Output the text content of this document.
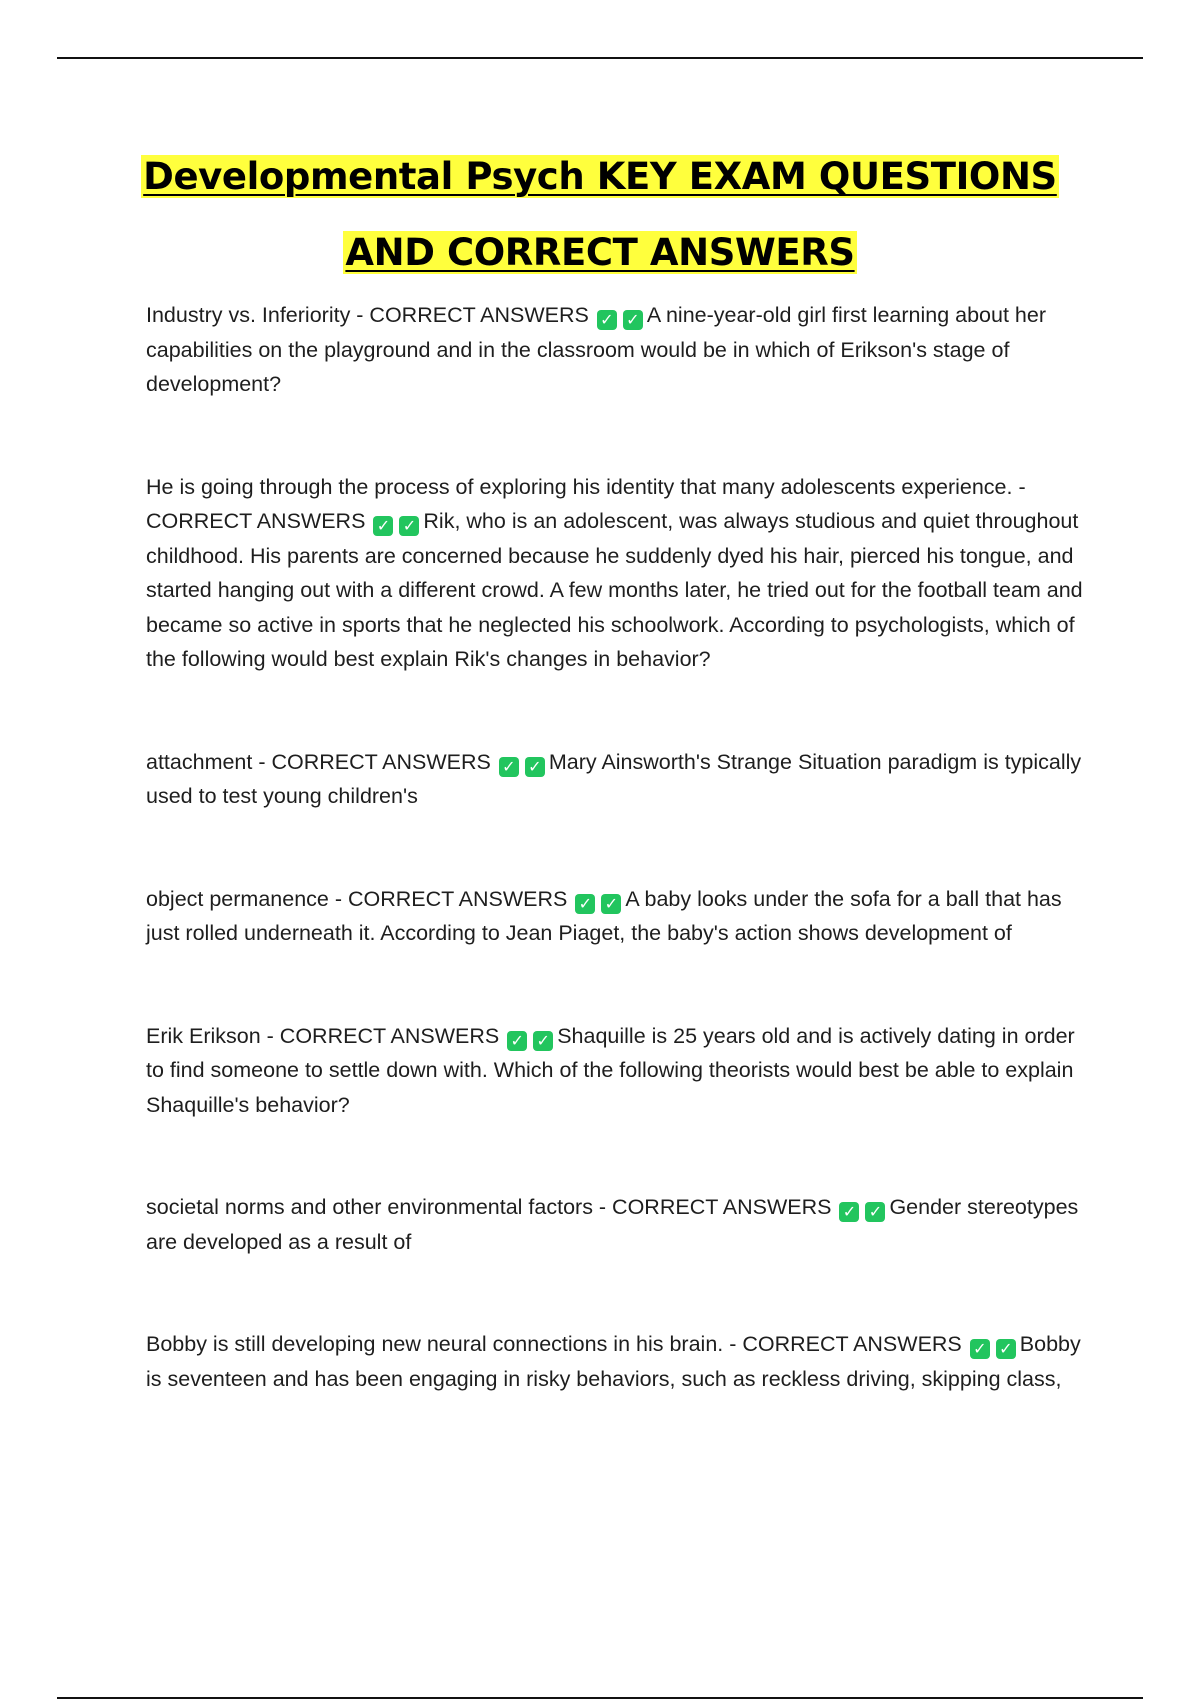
Developmental Psych KEY EXAM QUESTIONS AND CORRECT ANSWERS

Industry vs. Inferiority - CORRECT ANSWERS ✓ ✓ A nine-year-old girl first learning about her capabilities on the playground and in the classroom would be in which of Erikson's stage of development?

He is going through the process of exploring his identity that many adolescents experience. - CORRECT ANSWERS ✓ ✓ Rik, who is an adolescent, was always studious and quiet throughout childhood. His parents are concerned because he suddenly dyed his hair, pierced his tongue, and started hanging out with a different crowd. A few months later, he tried out for the football team and became so active in sports that he neglected his schoolwork. According to psychologists, which of the following would best explain Rik's changes in behavior?

attachment - CORRECT ANSWERS ✓ ✓ Mary Ainsworth's Strange Situation paradigm is typically used to test young children's

object permanence - CORRECT ANSWERS ✓ ✓ A baby looks under the sofa for a ball that has just rolled underneath it. According to Jean Piaget, the baby's action shows development of

Erik Erikson - CORRECT ANSWERS ✓ ✓ Shaquille is 25 years old and is actively dating in order to find someone to settle down with. Which of the following theorists would best be able to explain Shaquille's behavior?

societal norms and other environmental factors - CORRECT ANSWERS ✓ ✓ Gender stereotypes are developed as a result of

Bobby is still developing new neural connections in his brain. - CORRECT ANSWERS ✓ ✓ Bobby is seventeen and has been engaging in risky behaviors, such as reckless driving, skipping class,
